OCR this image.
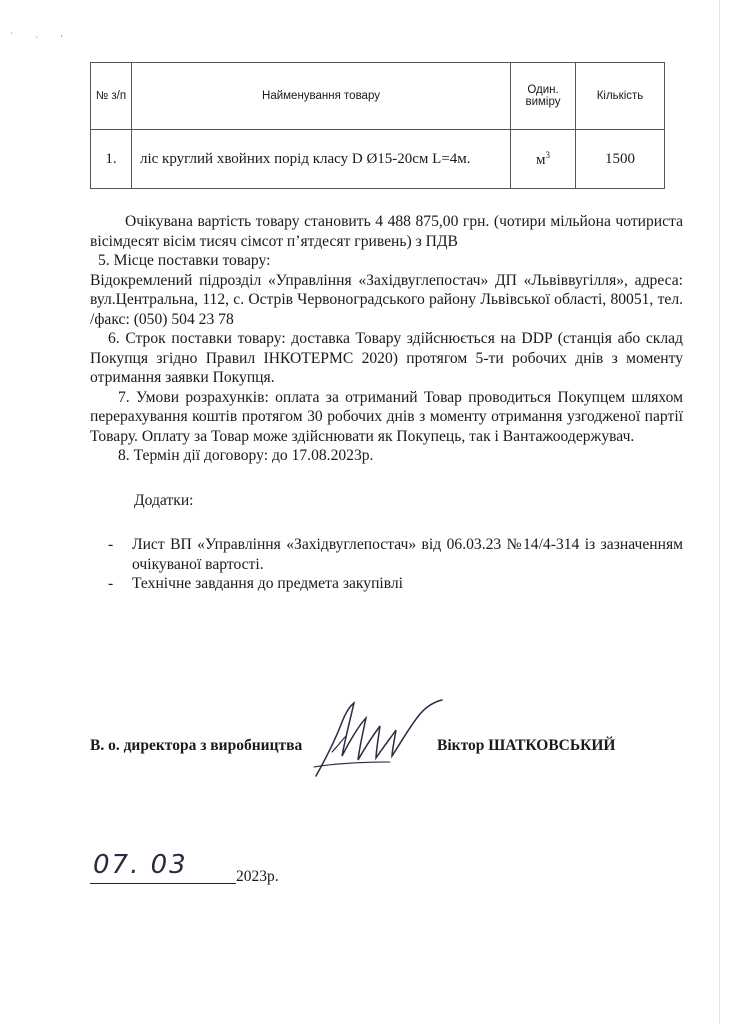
· ˏ ,
№ з/п	Найменування товару	Один. виміру	Кількість
1.	ліс круглий хвойних порід класу D Ø15-20см L=4м.	$м^3$	1500

Очікувана вартість товару становить 4 488 875,00 грн. (чотири мільйона чотириста вісімдесят вісім тисяч сімсот п’ятдесят гривень) з ПДВ

5. Місце поставки товару:

Відокремлений підрозділ «Управління «Західвуглепостач» ДП «Львіввугілля», адреса: вул.Центральна, 112, с. Острів Червоноградського району Львівської області, 80051, тел. /факс: (050) 504 23 78

6. Строк поставки товару: доставка Товару здійснюється на DDP (станція або склад Покупця згідно Правил ІНКОТЕРМС 2020) протягом 5-ти робочих днів з моменту отримання заявки Покупця.

7. Умови розрахунків: оплата за отриманий Товар проводиться Покупцем шляхом перерахування коштів протягом 30 робочих днів з моменту отримання узгодженої партії Товару. Оплату за Товар може здійснювати як Покупець, так і Вантажоодержувач.

8. Термін дії договору: до 17.08.2023р.

Додатки:

-	Лист ВП «Управління «Західвуглепостач» від 06.03.23 №14/4-314 із зазначенням очікуваної вартості.
-	Технічне завдання до предмета закупівлі
В. о. директора з виробництва	Віктор ШАТКОВСЬКИЙ
07. 03	2023р.
